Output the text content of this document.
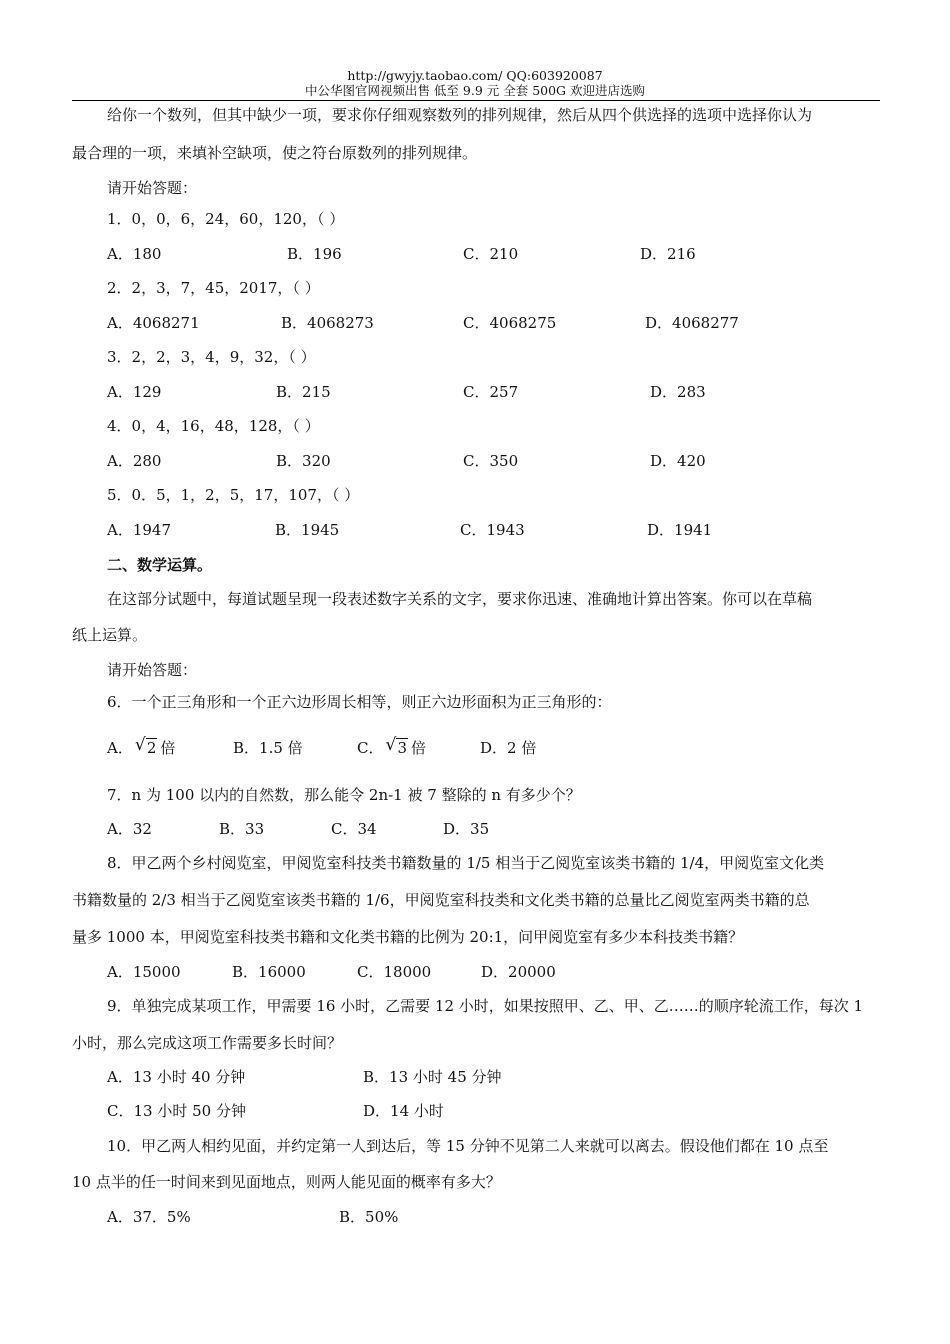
http://gwyjy.taobao.com/ QQ:603920087
中公华图官网视频出售 低至 9.9 元 全套 500G 欢迎进店选购
给你一个数列，但其中缺少一项，要求你仔细观察数列的排列规律，然后从四个供选择的选项中选择你认为
最合理的一项，来填补空缺项，使之符台原数列的排列规律。
请开始答题：
1．0，0，6，24，60，120，（ ）
A．180	B．196	C．210	D．216
2．2，3，7，45，2017，（ ）
A．4068271	B．4068273	C．4068275	D．4068277
3．2，2，3，4，9，32，（ ）
A．129	B．215	C．257	D．283
4．0，4，16，48，128，（ ）
A．280	B．320	C．350	D．420
5．0．5，1，2，5，17，107，（ ）
A．1947	B．1945	C．1943	D．1941
二、数学运算。
在这部分试题中，每道试题呈现一段表述数字关系的文字，要求你迅速、准确地计算出答案。你可以在草稿
纸上运算。
请开始答题：
6．一个正三角形和一个正六边形周长相等，则正六边形面积为正三角形的：
A． √ 2 倍	B．1.5 倍	C． √ 3 倍	D．2 倍
7．n 为 100 以内的自然数，那么能令 2n-1 被 7 整除的 n 有多少个？
A．32	B．33	C．34	D．35
8．甲乙两个乡村阅览室，甲阅览室科技类书籍数量的 1/5 相当于乙阅览室该类书籍的 1/4，甲阅览室文化类
书籍数量的 2/3 相当于乙阅览室该类书籍的 1/6，甲阅览室科技类和文化类书籍的总量比乙阅览室两类书籍的总
量多 1000 本，甲阅览室科技类书籍和文化类书籍的比例为 20:1，问甲阅览室有多少本科技类书籍？
A．15000	B．16000	C．18000	D．20000
9．单独完成某项工作，甲需要 16 小时，乙需要 12 小时，如果按照甲、乙、甲、乙……的顺序轮流工作，每次 1
小时，那么完成这项工作需要多长时间？
A．13 小时 40 分钟	B．13 小时 45 分钟
C．13 小时 50 分钟	D．14 小时
10．甲乙两人相约见面，并约定第一人到达后，等 15 分钟不见第二人来就可以离去。假设他们都在 10 点至
10 点半的任一时间来到见面地点，则两人能见面的概率有多大？
A．37．5%	B．50%
